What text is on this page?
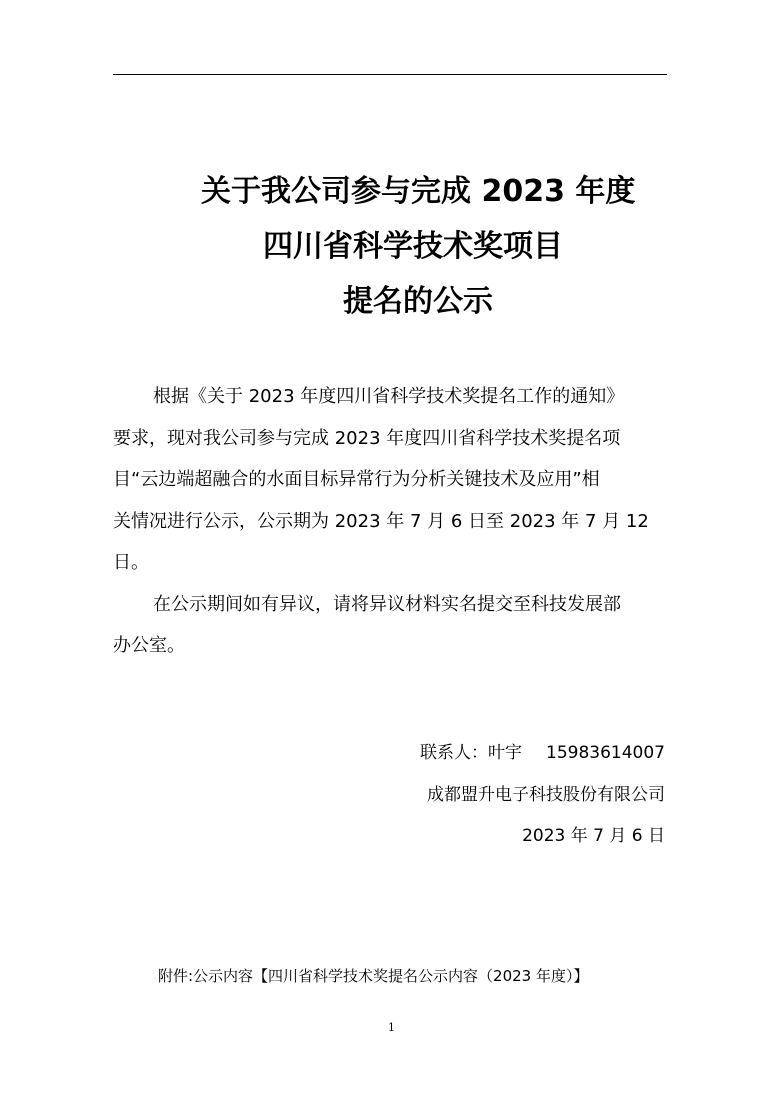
关于我公司参与完成 2023 年度
四川省科学技术奖项目
提名的公示
根据《关于 2023 年度四川省科学技术奖提名工作的通知》
要求，现对我公司参与完成 2023 年度四川省科学技术奖提名项
目“云边端超融合的水面目标异常行为分析关键技术及应用”相
关情况进行公示，公示期为 2023 年 7 月 6 日至 2023 年 7 月 12
日。
在公示期间如有异议，请将异议材料实名提交至科技发展部
办公室。
联系人：叶宇 15983614007
成都盟升电子科技股份有限公司
2023 年 7 月 6 日
附件:公示内容【四川省科学技术奖提名公示内容（2023 年度）】
1
